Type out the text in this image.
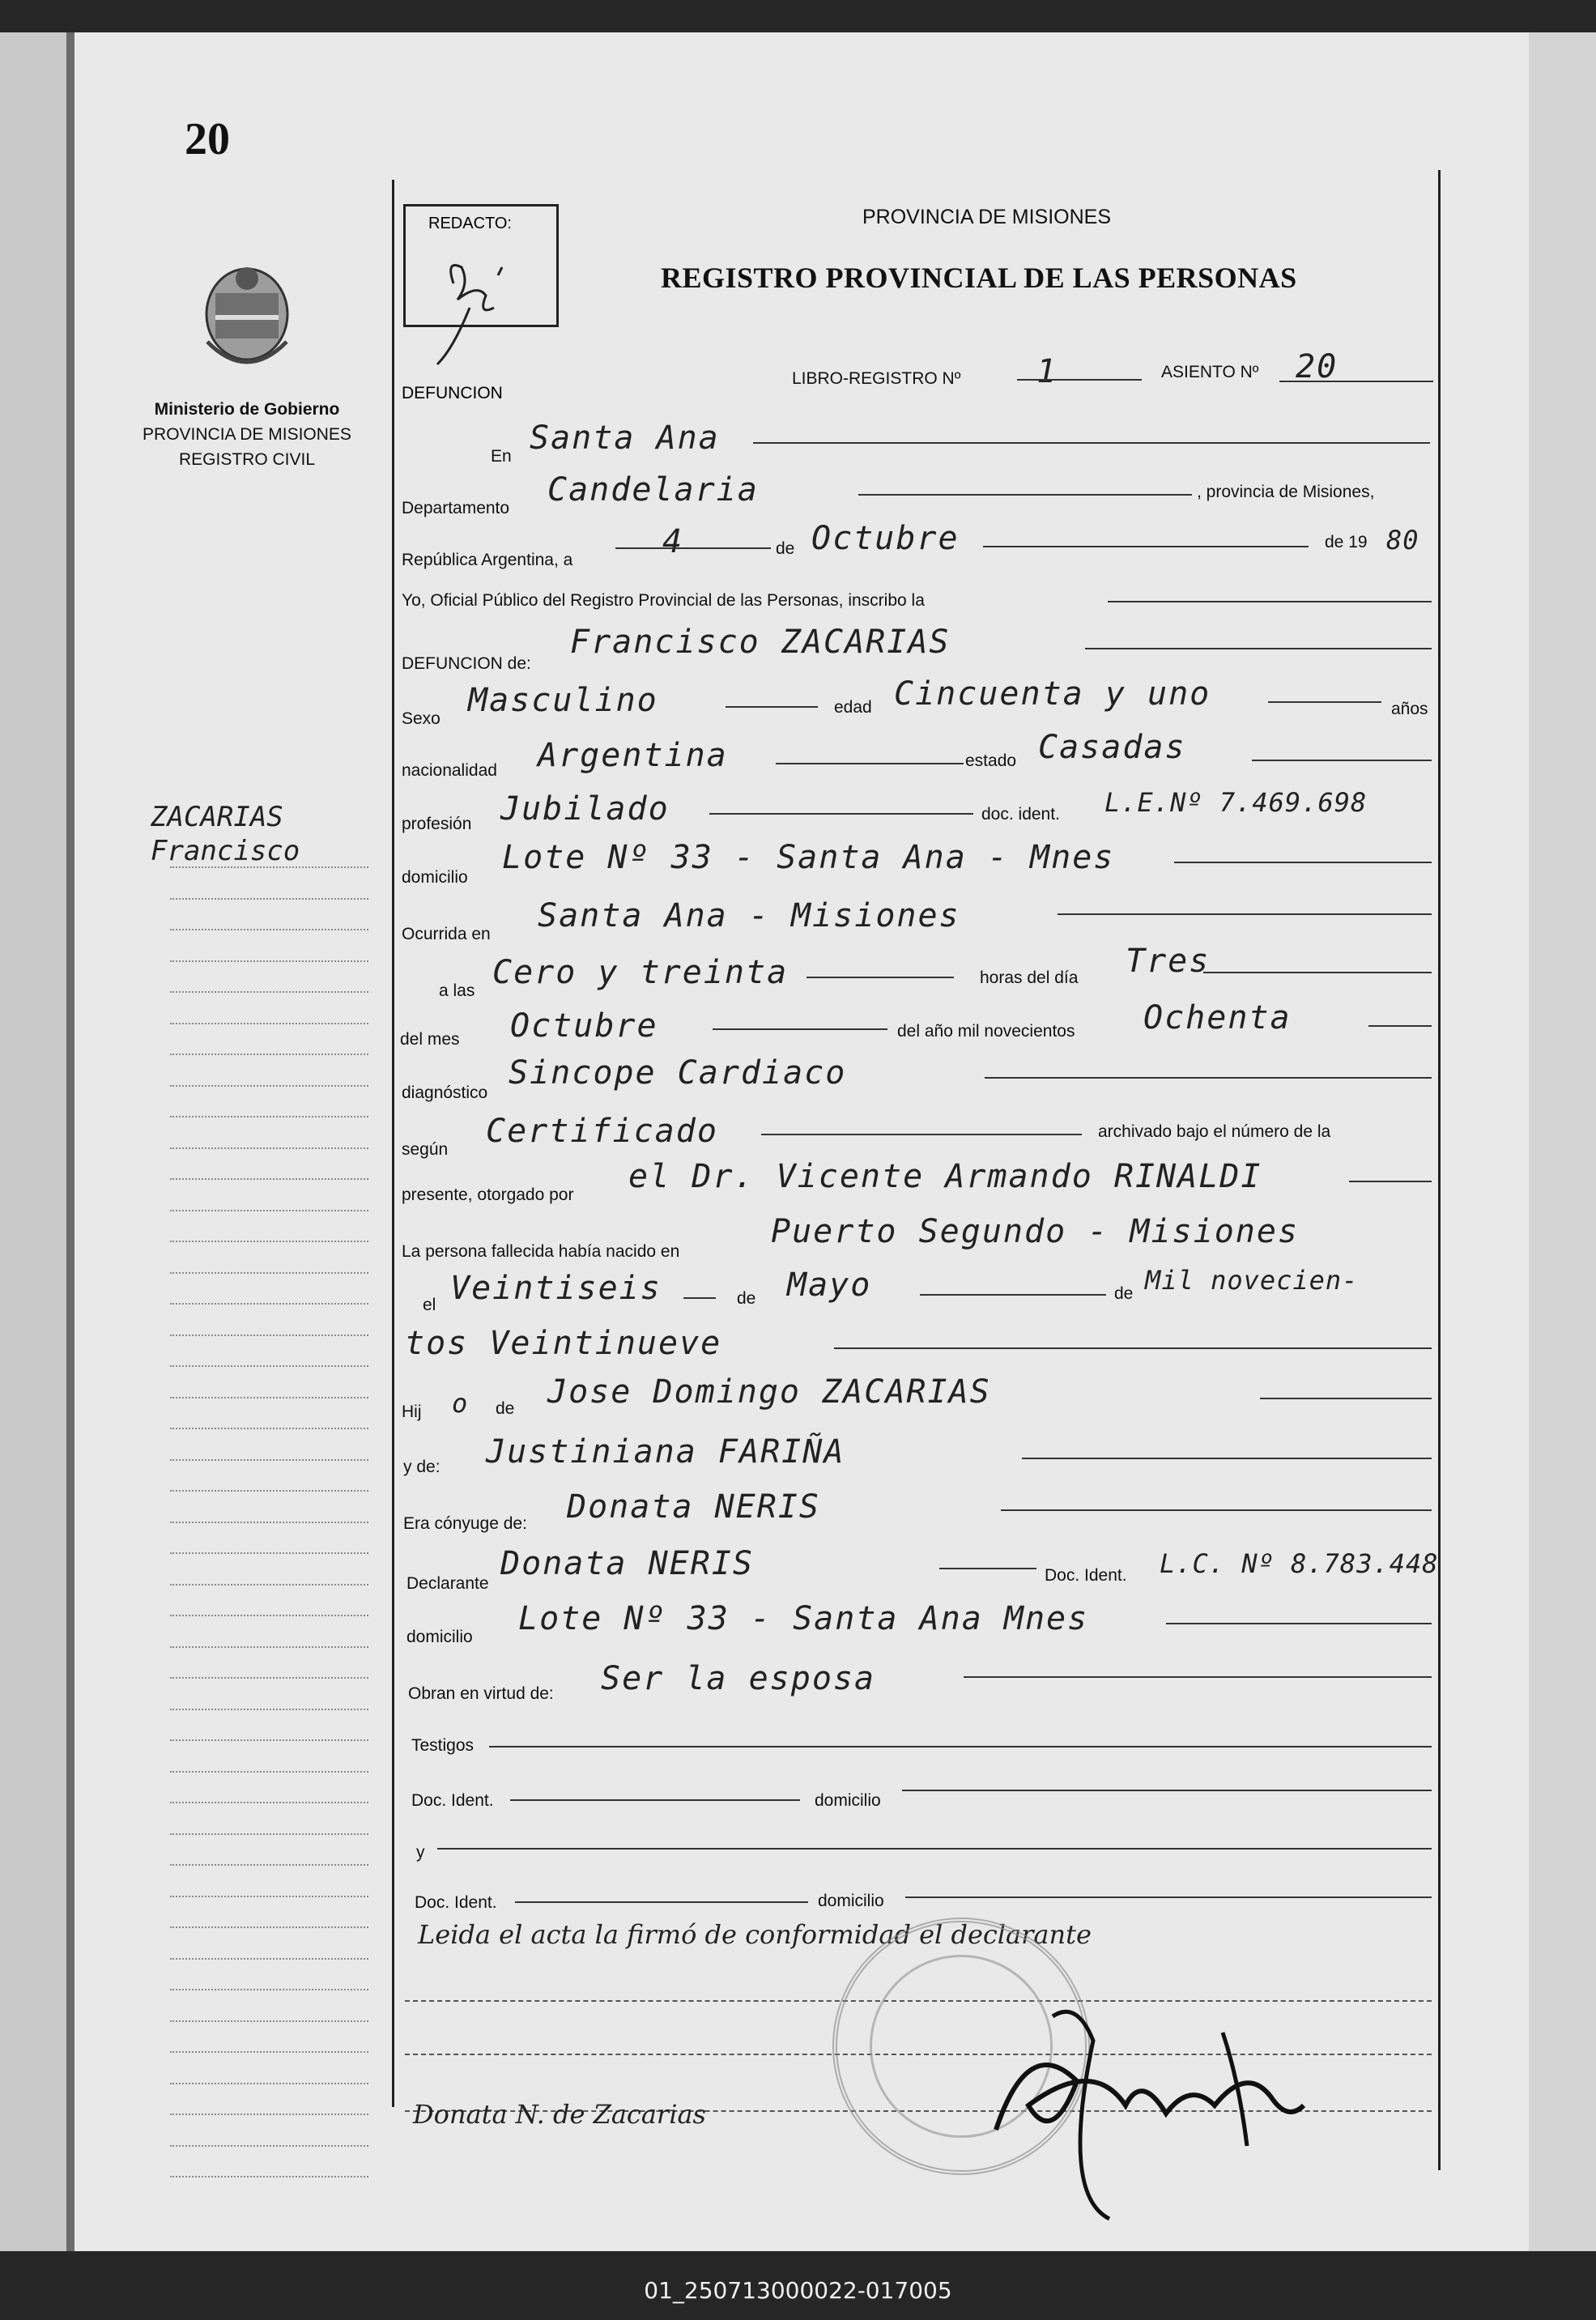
20
Ministerio de Gobierno
PROVINCIA DE MISIONES
REGISTRO CIVIL
ZACARIAS
Francisco
REDACTO:
DEFUNCION
PROVINCIA DE MISIONES
REGISTRO PROVINCIAL DE LAS PERSONAS
LIBRO-REGISTRO Nº 1	ASIENTO Nº 20
En Santa Ana
Departamento Candelaria	, provincia de Misiones,
República Argentina, a	4	de Octubre	de 19 80
Yo, Oficial Público del Registro Provincial de las Personas, inscribo la
DEFUNCION de:
Francisco ZACARIAS
Sexo Masculino	edad Cincuenta y uno	años
nacionalidad Argentina	estado Casadas
profesión Jubilado	doc. ident. L.E.Nº 7.469.698
domicilio
Lote Nº 33 - Santa Ana - Mnes
Ocurrida en Santa Ana - Misiones
a las Cero y treinta	horas del día Tres
del mes Octubre	del año mil novecientos Ochenta
diagnóstico
Sincope Cardiaco
según Certificado	archivado bajo el número de la
presente, otorgado por el Dr. Vicente Armando RINALDI
La persona fallecida había nacido en
Puerto Segundo - Misiones
el Veintiseis	de Mayo	de Mil novecien-
tos Veintinueve
Hij o de Jose Domingo ZACARIAS
y de: Justiniana FARIÑA
Era cónyuge de: Donata NERIS
Declarante
Donata NERIS	Doc. Ident. L.C. Nº 8.783.448
domicilio Lote Nº 33 - Santa Ana Mnes
Obran en virtud de: Ser la esposa
Testigos
Doc. Ident.	domicilio
y
Doc. Ident.	domicilio
Leida el acta la firmó de conformidad el declarante
Donata N. de Zacarias
01_250713000022-017005
